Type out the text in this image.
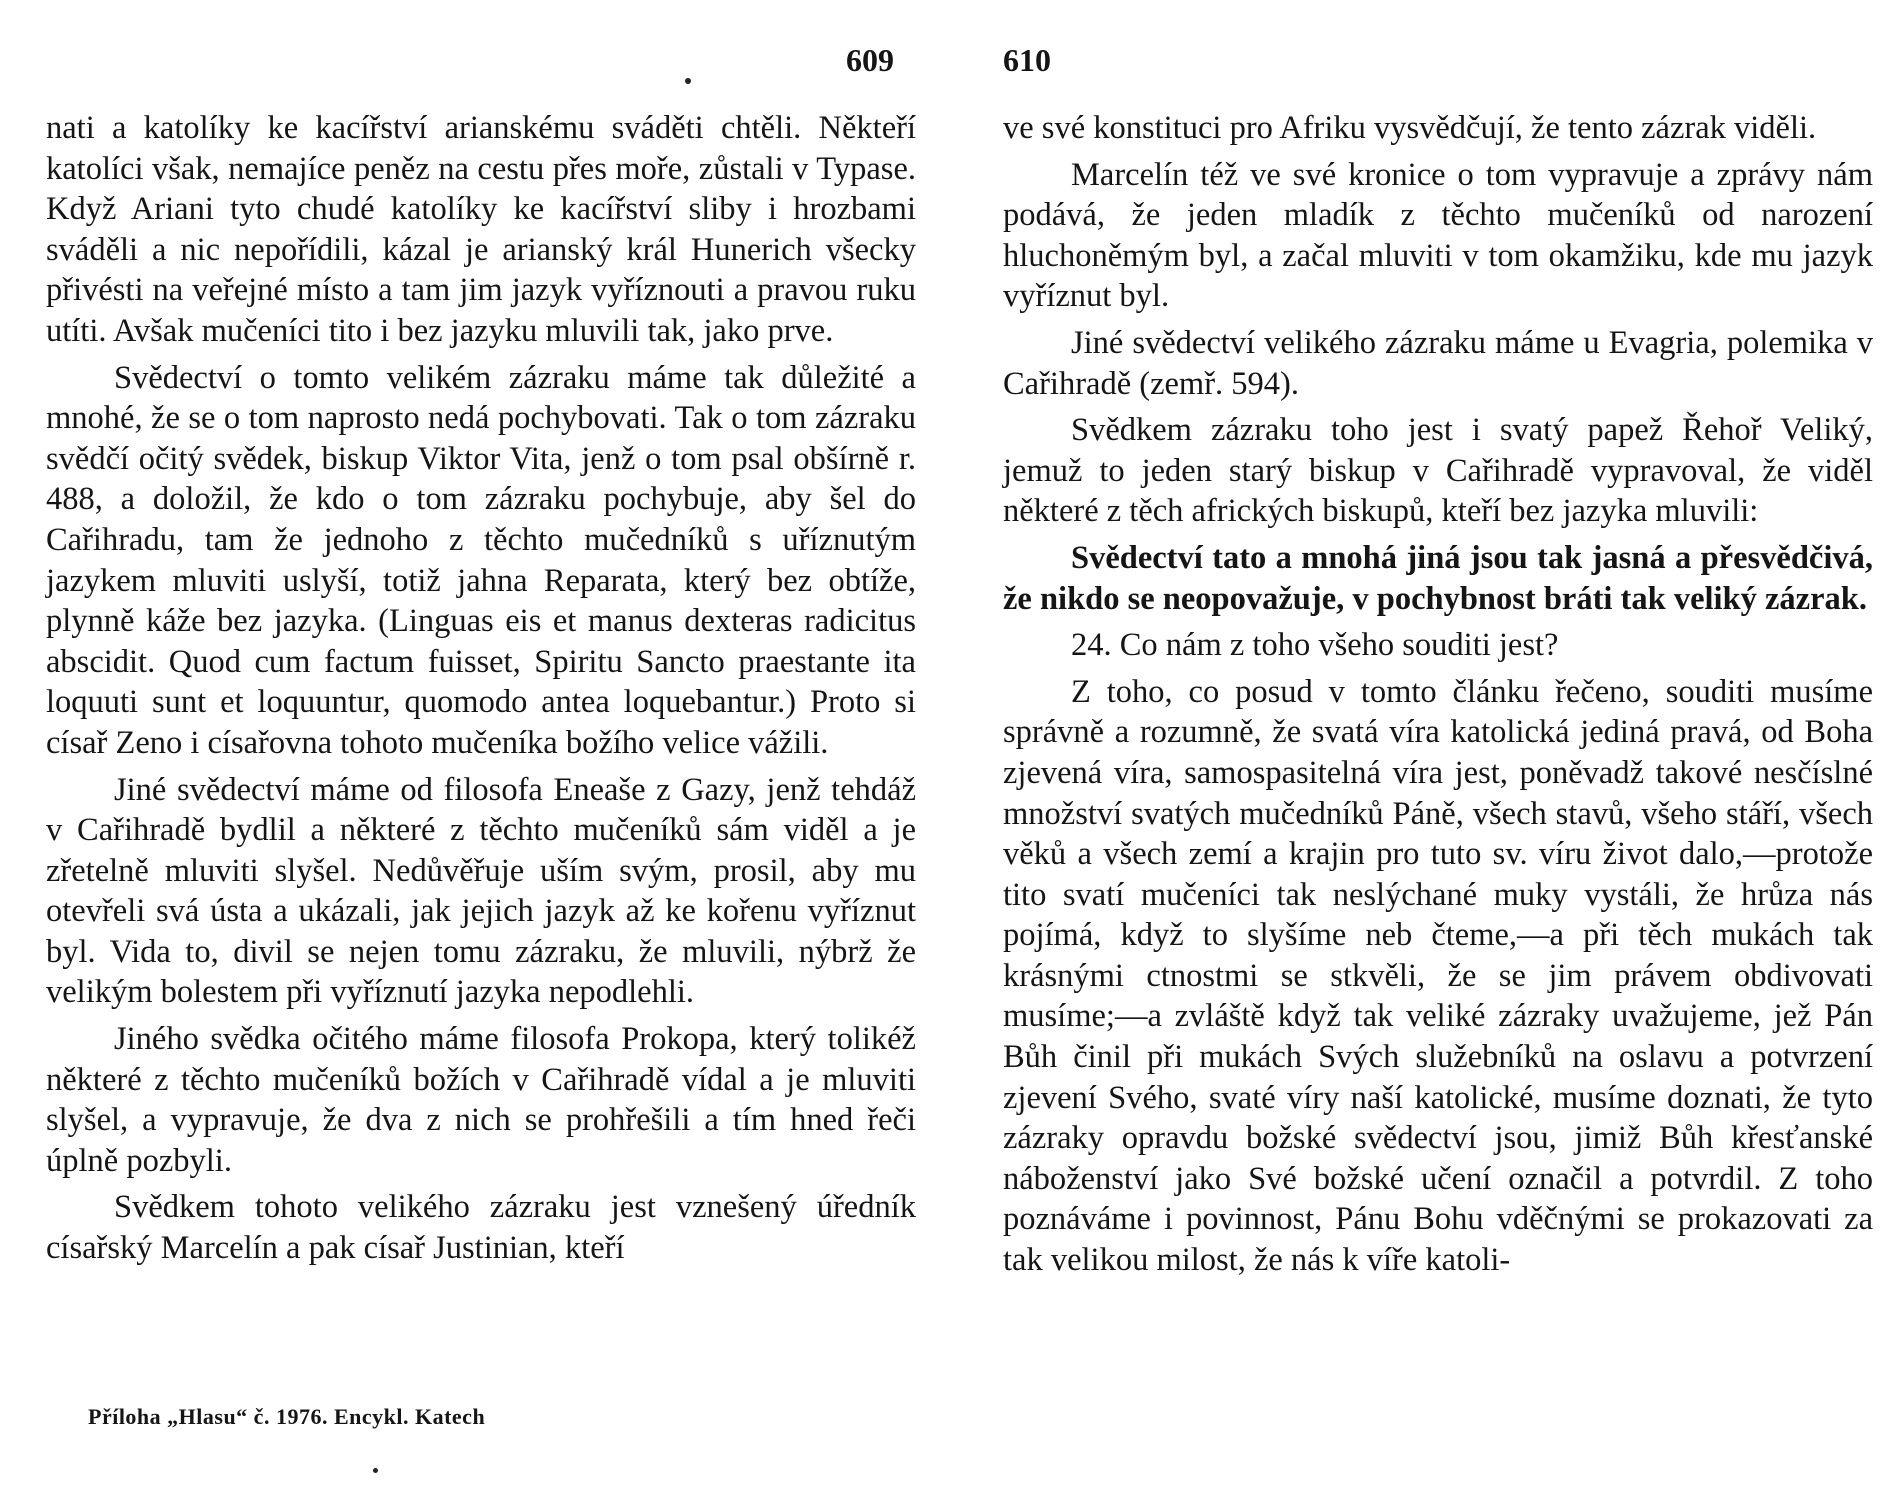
609

nati a katolíky ke kacířství arianskému sváděti chtěli. Někteří katolíci však, nemajíce peněz na cestu přes moře, zůstali v Typase. Když Ariani tyto chudé katolíky ke kacířství sliby i hrozbami sváděli a nic nepořídili, kázal je arianský král Hunerich všecky přivésti na veřejné místo a tam jim jazyk vyříznouti a pravou ruku utíti. Avšak mučeníci tito i bez jazyku mluvili tak, jako prve.

Svědectví o tomto velikém zázraku máme tak důležité a mnohé, že se o tom naprosto nedá pochybovati. Tak o tom zázraku svědčí očitý svědek, biskup Viktor Vita, jenž o tom psal obšírně r. 488, a doložil, že kdo o tom zázraku pochybuje, aby šel do Cařihradu, tam že jednoho z těchto mučedníků s uříznutým jazykem mluviti uslyší, totiž jahna Reparata, který bez obtíže, plynně káže bez jazyka. (Linguas eis et manus dexteras radicitus abscidit. Quod cum factum fuisset, Spiritu Sancto praestante ita loquuti sunt et loquuntur, quomodo antea loquebantur.) Proto si císař Zeno i císařovna tohoto mučeníka božího velice vážili.

Jiné svědectví máme od filosofa Eneaše z Gazy, jenž tehdáž v Cařihradě bydlil a některé z těchto mučeníků sám viděl a je zřetelně mluviti slyšel. Nedůvěřuje uším svým, prosil, aby mu otevřeli svá ústa a ukázali, jak jejich jazyk až ke kořenu vyříznut byl. Vida to, divil se nejen tomu zázraku, že mluvili, nýbrž že velikým bolestem při vyříznutí jazyka nepodlehli.

Jiného svědka očitého máme filosofa Prokopa, který tolikéž některé z těchto mučeníků božích v Cařihradě vídal a je mluviti slyšel, a vypravuje, že dva z nich se prohřešili a tím hned řeči úplně pozbyli.

Svědkem tohoto velikého zázraku jest vznešený úředník císařský Marcelín a pak císař Justinian, kteří

Příloha „Hlasu“ č. 1976. Encykl. Katech
610

ve své konstituci pro Afriku vysvědčují, že tento zázrak viděli.

Marcelín též ve své kronice o tom vypravuje a zprávy nám podává, že jeden mladík z těchto mučeníků od narození hluchoněmým byl, a začal mluviti v tom okamžiku, kde mu jazyk vyříznut byl.

Jiné svědectví velikého zázraku máme u Evagria, polemika v Cařihradě (zemř. 594).

Svědkem zázraku toho jest i svatý papež Řehoř Veliký, jemuž to jeden starý biskup v Cařihradě vypravoval, že viděl některé z těch afrických biskupů, kteří bez jazyka mluvili:

Svědectví tato a mnohá jiná jsou tak jasná a přesvědčivá, že nikdo se neopovažuje, v pochybnost bráti tak veliký zázrak.

24. Co nám z toho všeho souditi jest?

Z toho, co posud v tomto článku řečeno, souditi musíme správně a rozumně, že svatá víra katolická jediná pravá, od Boha zjevená víra, samospasitelná víra jest, poněvadž takové nesčíslné množství svatých mučedníků Páně, všech stavů, všeho stáří, všech věků a všech zemí a krajin pro tuto sv. víru život dalo,—protože tito svatí mučeníci tak neslýchané muky vystáli, že hrůza nás pojímá, když to slyšíme neb čteme,—a při těch mukách tak krásnými ctnostmi se stkvěli, že se jim právem obdivovati musíme;—a zvláště když tak veliké zázraky uvažujeme, jež Pán Bůh činil při mukách Svých služebníků na oslavu a potvrzení zjevení Svého, svaté víry naší katolické, musíme doznati, že tyto zázraky opravdu božské svědectví jsou, jimiž Bůh křesťanské náboženství jako Své božské učení označil a potvrdil. Z toho poznáváme i povinnost, Pánu Bohu vděčnými se prokazovati za tak velikou milost, že nás k víře katoli-
